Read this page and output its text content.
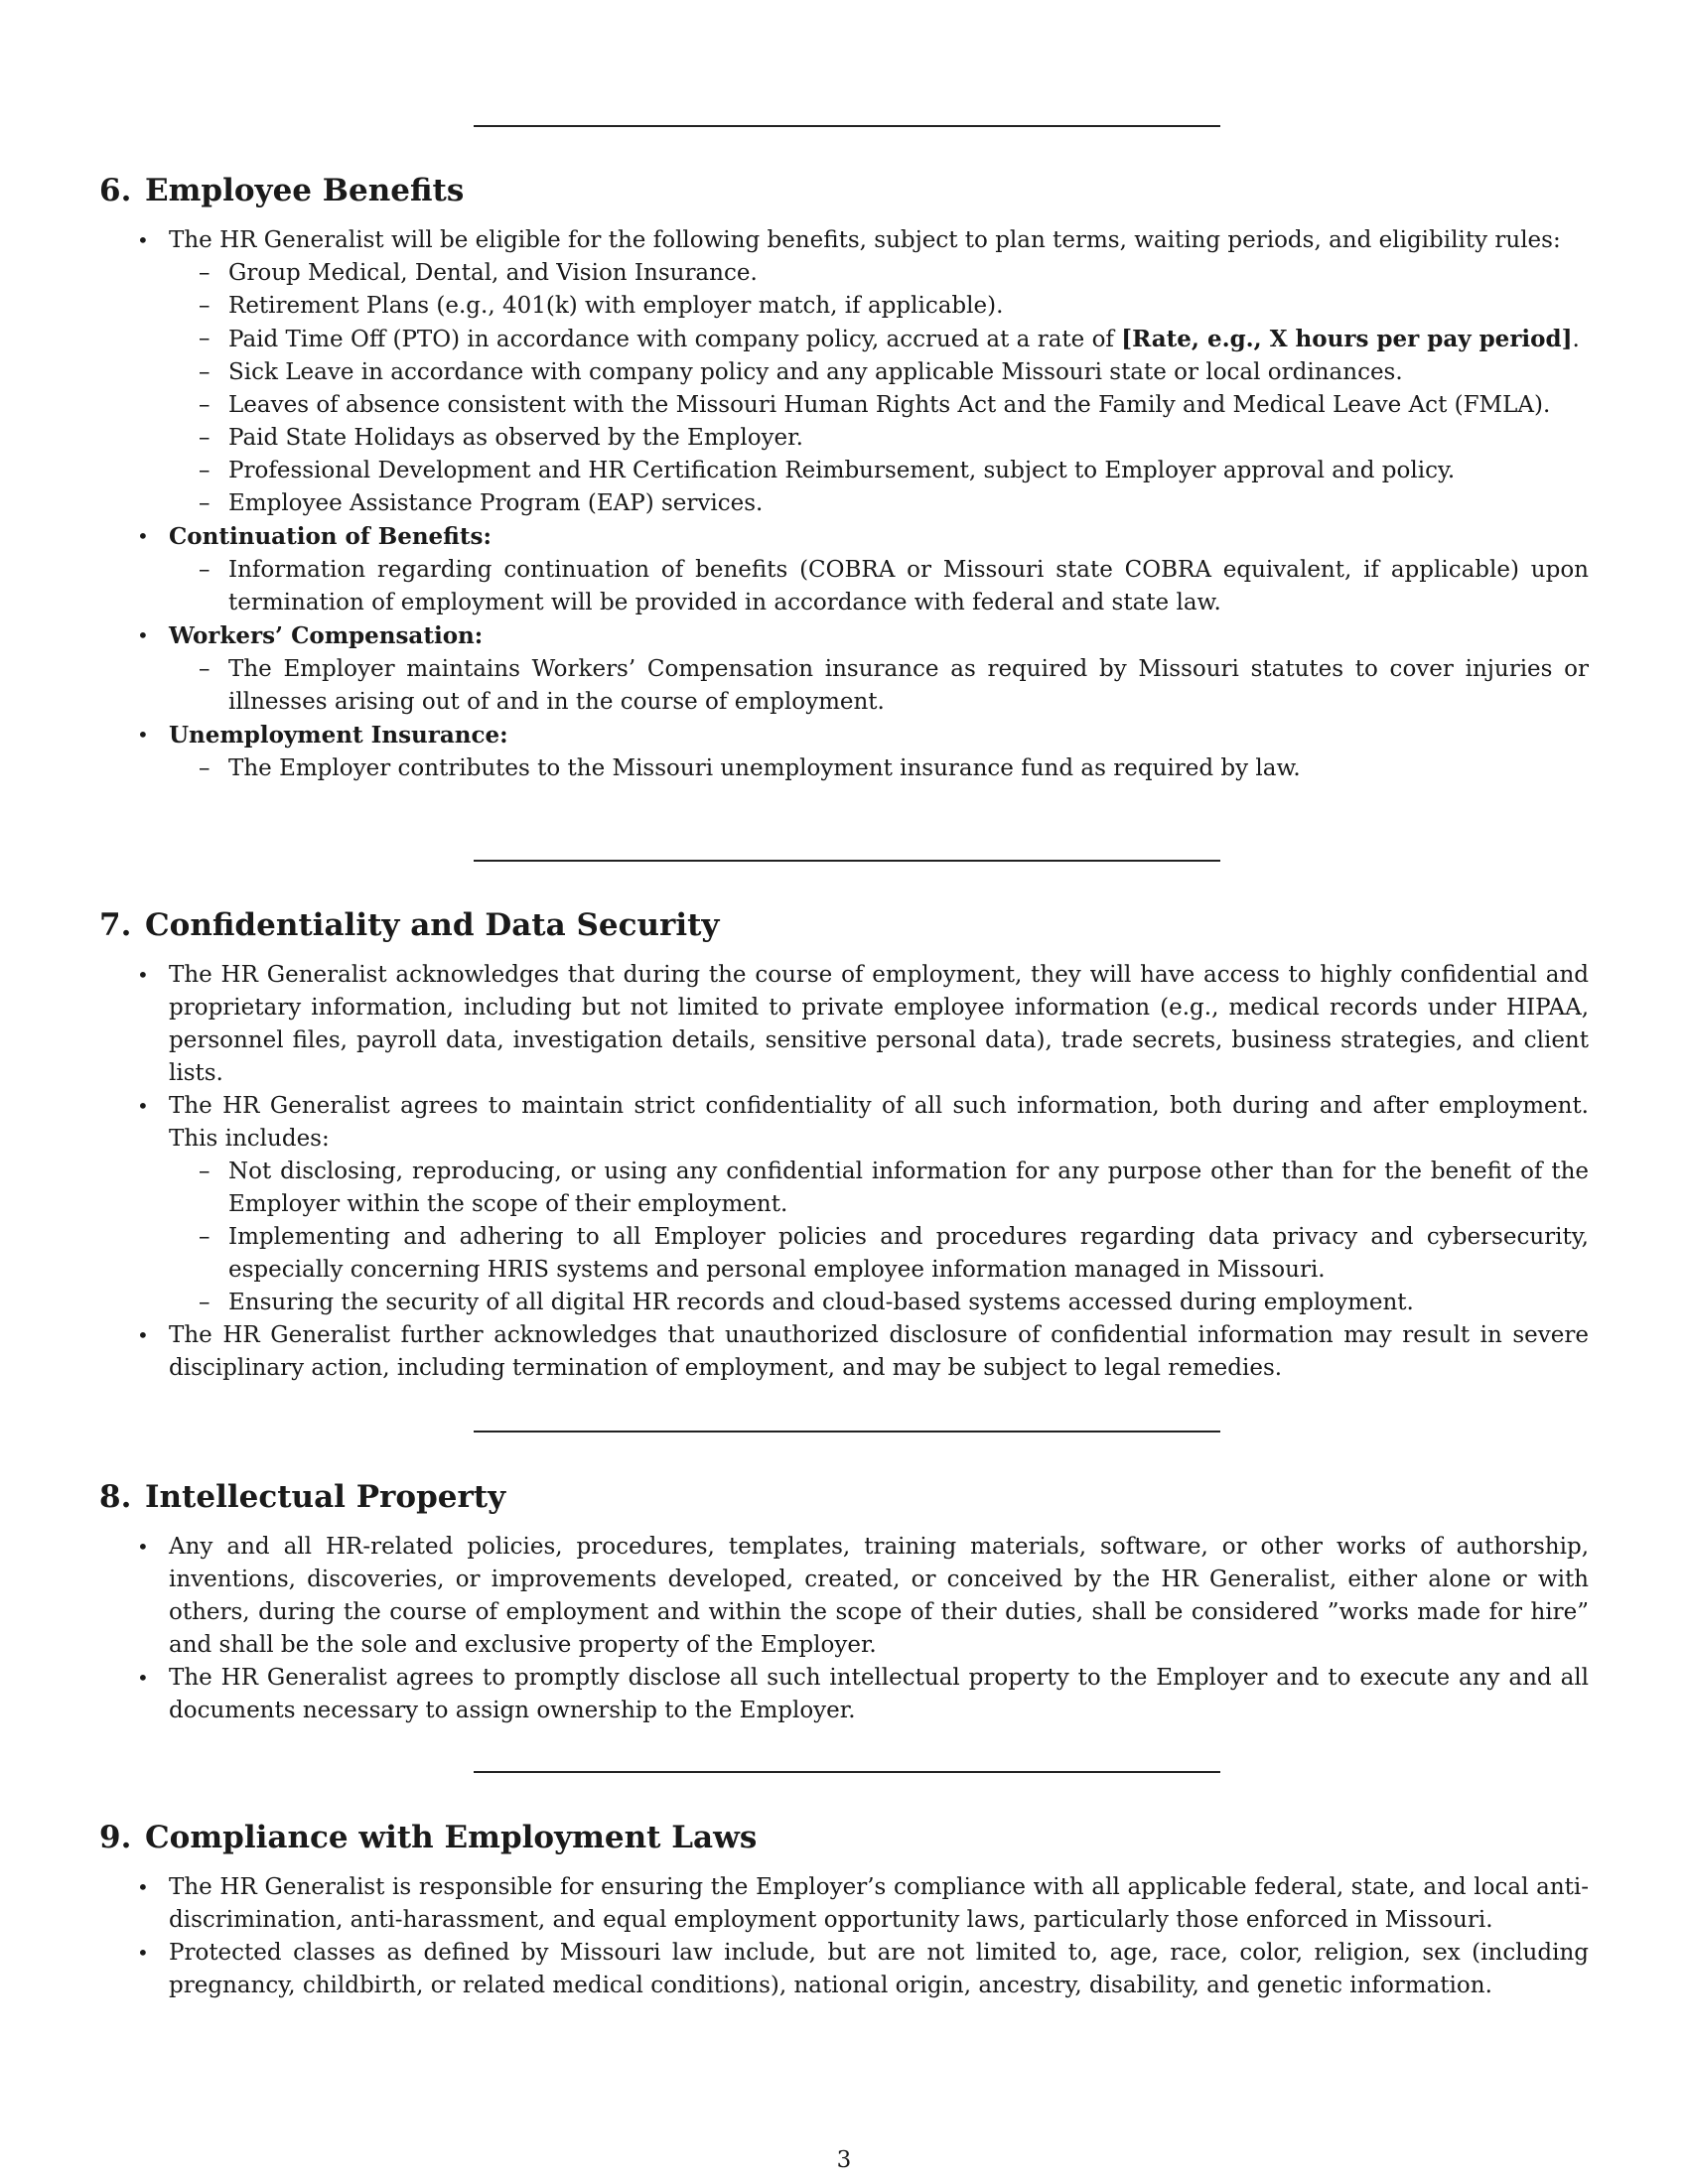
6. Employee Benefits
• The HR Generalist will be eligible for the following benefits, subject to plan terms, waiting periods, and eligibility rules:
– Group Medical, Dental, and Vision Insurance.
– Retirement Plans (e.g., 401(k) with employer match, if applicable).
– Paid Time Off (PTO) in accordance with company policy, accrued at a rate of [Rate, e.g., X hours per pay period].
– Sick Leave in accordance with company policy and any applicable Missouri state or local ordinances.
– Leaves of absence consistent with the Missouri Human Rights Act and the Family and Medical Leave Act (FMLA).
– Paid State Holidays as observed by the Employer.
– Professional Development and HR Certification Reimbursement, subject to Employer approval and policy.
– Employee Assistance Program (EAP) services.
• Continuation of Benefits:
– Information regarding continuation of benefits (COBRA or Missouri state COBRA equivalent, if applicable) upon termination of employment will be provided in accordance with federal and state law.
• Workers’ Compensation:
– The Employer maintains Workers’ Compensation insurance as required by Missouri statutes to cover injuries or illnesses arising out of and in the course of employment.
• Unemployment Insurance:
– The Employer contributes to the Missouri unemployment insurance fund as required by law.
7. Confidentiality and Data Security
• The HR Generalist acknowledges that during the course of employment, they will have access to highly confidential and proprietary information, including but not limited to private employee information (e.g., medical records under HIPAA, personnel files, payroll data, investigation details, sensitive personal data), trade secrets, business strategies, and client lists.
• The HR Generalist agrees to maintain strict confidentiality of all such information, both during and after employment. This includes:
– Not disclosing, reproducing, or using any confidential information for any purpose other than for the benefit of the Employer within the scope of their employment.
– Implementing and adhering to all Employer policies and procedures regarding data privacy and cybersecurity, especially concerning HRIS systems and personal employee information managed in Missouri.
– Ensuring the security of all digital HR records and cloud-based systems accessed during employment.
• The HR Generalist further acknowledges that unauthorized disclosure of confidential information may result in severe disciplinary action, including termination of employment, and may be subject to legal remedies.
8. Intellectual Property
• Any and all HR-related policies, procedures, templates, training materials, software, or other works of authorship, inventions, discoveries, or improvements developed, created, or conceived by the HR Generalist, either alone or with others, during the course of employment and within the scope of their duties, shall be considered ”works made for hire” and shall be the sole and exclusive property of the Employer.
• The HR Generalist agrees to promptly disclose all such intellectual property to the Employer and to execute any and all documents necessary to assign ownership to the Employer.
9. Compliance with Employment Laws
• The HR Generalist is responsible for ensuring the Employer’s compliance with all applicable federal, state, and local anti-discrimination, anti-harassment, and equal employment opportunity laws, particularly those enforced in Missouri.
• Protected classes as defined by Missouri law include, but are not limited to, age, race, color, religion, sex (including pregnancy, childbirth, or related medical conditions), national origin, ancestry, disability, and genetic information.
3
